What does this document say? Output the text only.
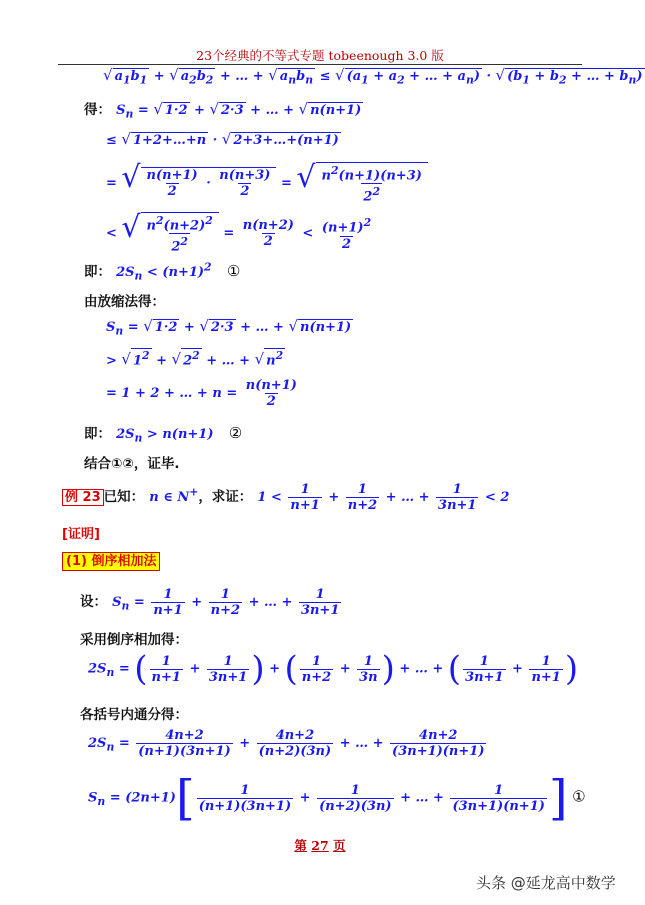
23个经典的不等式专题 tobeenough 3.0 版
√ $a_1b_1$ + √ $a_2b_2$ + … + √ $a_nb_n$ ≤ √ ($a_1 + a_2$ + … + $a_n$) · √ ($b_1 + b_2$ + … + $b_n$)
得： $S_n$ = √ 1·2 + √ 2·3 + … + √ n(n+1)
≤ √ 1+2+…+n · √ 2+3+…+(n+1)
= √ $\frac{n(n+1)}{2} \cdot \frac{n(n+3)}{2}$ = √ $\frac{n^2(n+1)(n+3)}{2^2}$
< √ $\frac{n^2(n+2)^2}{2^2} = \frac{n(n+2)}{2} < \frac{(n+1)^2}{2}$
即： $2S_n < (n+1)^2$ ①
由放缩法得：
$S_n$ = √ 1·2 + √ 2·3 + … + √ n(n+1)
> √ $1^2$ + √ $2^2$ + … + √ $n^2$
= 1 + 2 + … + $n = \frac{n(n+1)}{2}$
即： $2S_n > n(n+1)$ ②
结合①②，证毕.
例 23 已知： n ∈ N+，求证： $1 < \frac{1}{n+1} + \frac{1}{n+2}$ + … + $\frac{1}{3n+1} < 2$
[证明]
(1) 倒序相加法
设： $S_n = \frac{1}{n+1} + \frac{1}{n+2}$ + … + $\frac{1}{3n+1}$
采用倒序相加得：
$2S_n$ = ( $\frac{1}{n+1} + \frac{1}{3n+1}$ ) + ( $\frac{1}{n+2} + \frac{1}{3n}$ ) + … + ( $\frac{1}{3n+1} + \frac{1}{n+1}$ )
各括号内通分得：
$2S_n = \frac{4n+2}{(n+1)(3n+1)} + \frac{4n+2}{(n+2)(3n)}$ + … + $\frac{4n+2}{(3n+1)(n+1)}$
$S_n = (2n+1)[ \frac{1}{(n+1)(3n+1)} + \frac{1}{(n+2)(3n)}$ + … + $\frac{1}{(3n+1)(n+1)}$ ] ①
第 27 页
头条 @延龙高中数学
